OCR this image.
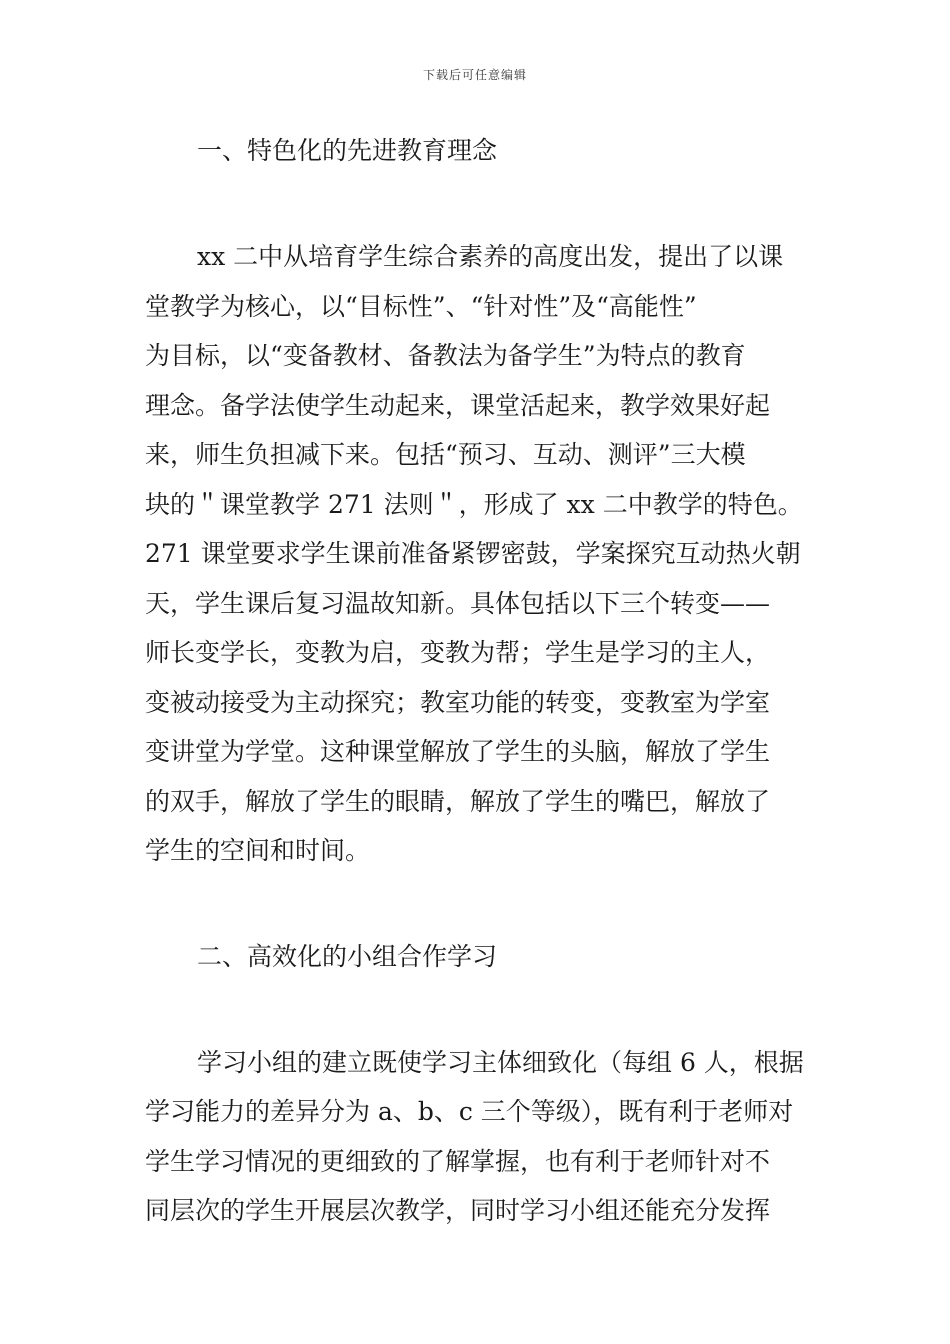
下载后可任意编辑
一、特色化的先进教育理念

xx 二中从培育学生综合素养的高度出发，提出了以课
堂教学为核心，以“目标性”、“针对性”及“高能性”
为目标，以“变备教材、备教法为备学生”为特点的教育
理念。备学法使学生动起来，课堂活起来，教学效果好起
来，师生负担减下来。包括“预习、互动、测评”三大模
块的＂课堂教学 271 法则＂，形成了 xx 二中教学的特色。
271 课堂要求学生课前准备紧锣密鼓，学案探究互动热火朝
天，学生课后复习温故知新。具体包括以下三个转变——
师长变学长，变教为启，变教为帮；学生是学习的主人，
变被动接受为主动探究；教室功能的转变，变教室为学室
变讲堂为学堂。这种课堂解放了学生的头脑，解放了学生
的双手，解放了学生的眼睛，解放了学生的嘴巴，解放了
学生的空间和时间。

二、高效化的小组合作学习

学习小组的建立既使学习主体细致化（每组 6 人，根据
学习能力的差异分为 a、b、c 三个等级），既有利于老师对
学生学习情况的更细致的了解掌握，也有利于老师针对不
同层次的学生开展层次教学，同时学习小组还能充分发挥
